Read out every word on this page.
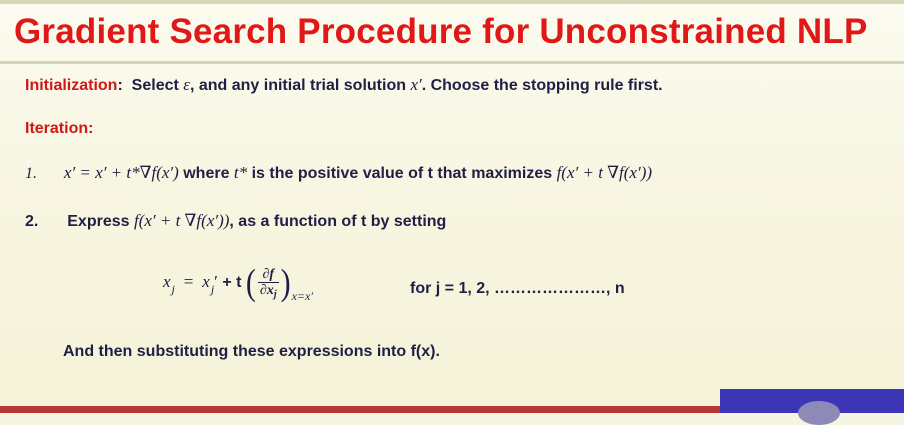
Gradient Search Procedure for Unconstrained NLP
Initialization: Select ε, and any initial trial solution x′. Choose the stopping rule first.
Iteration:
1. x′ = x′ + t*∇f(x′) where t* is the positive value of t that maximizes f(x′ + t ∇f(x′))
2. Express f(x′ + t ∇f(x′)), as a function of t by setting
$x_j = x_j' + t$ ( $\frac{\partial f}{\partial x_j} )_{x=x'}$	for j = 1, 2, …………………, n
And then substituting these expressions into f(x).
